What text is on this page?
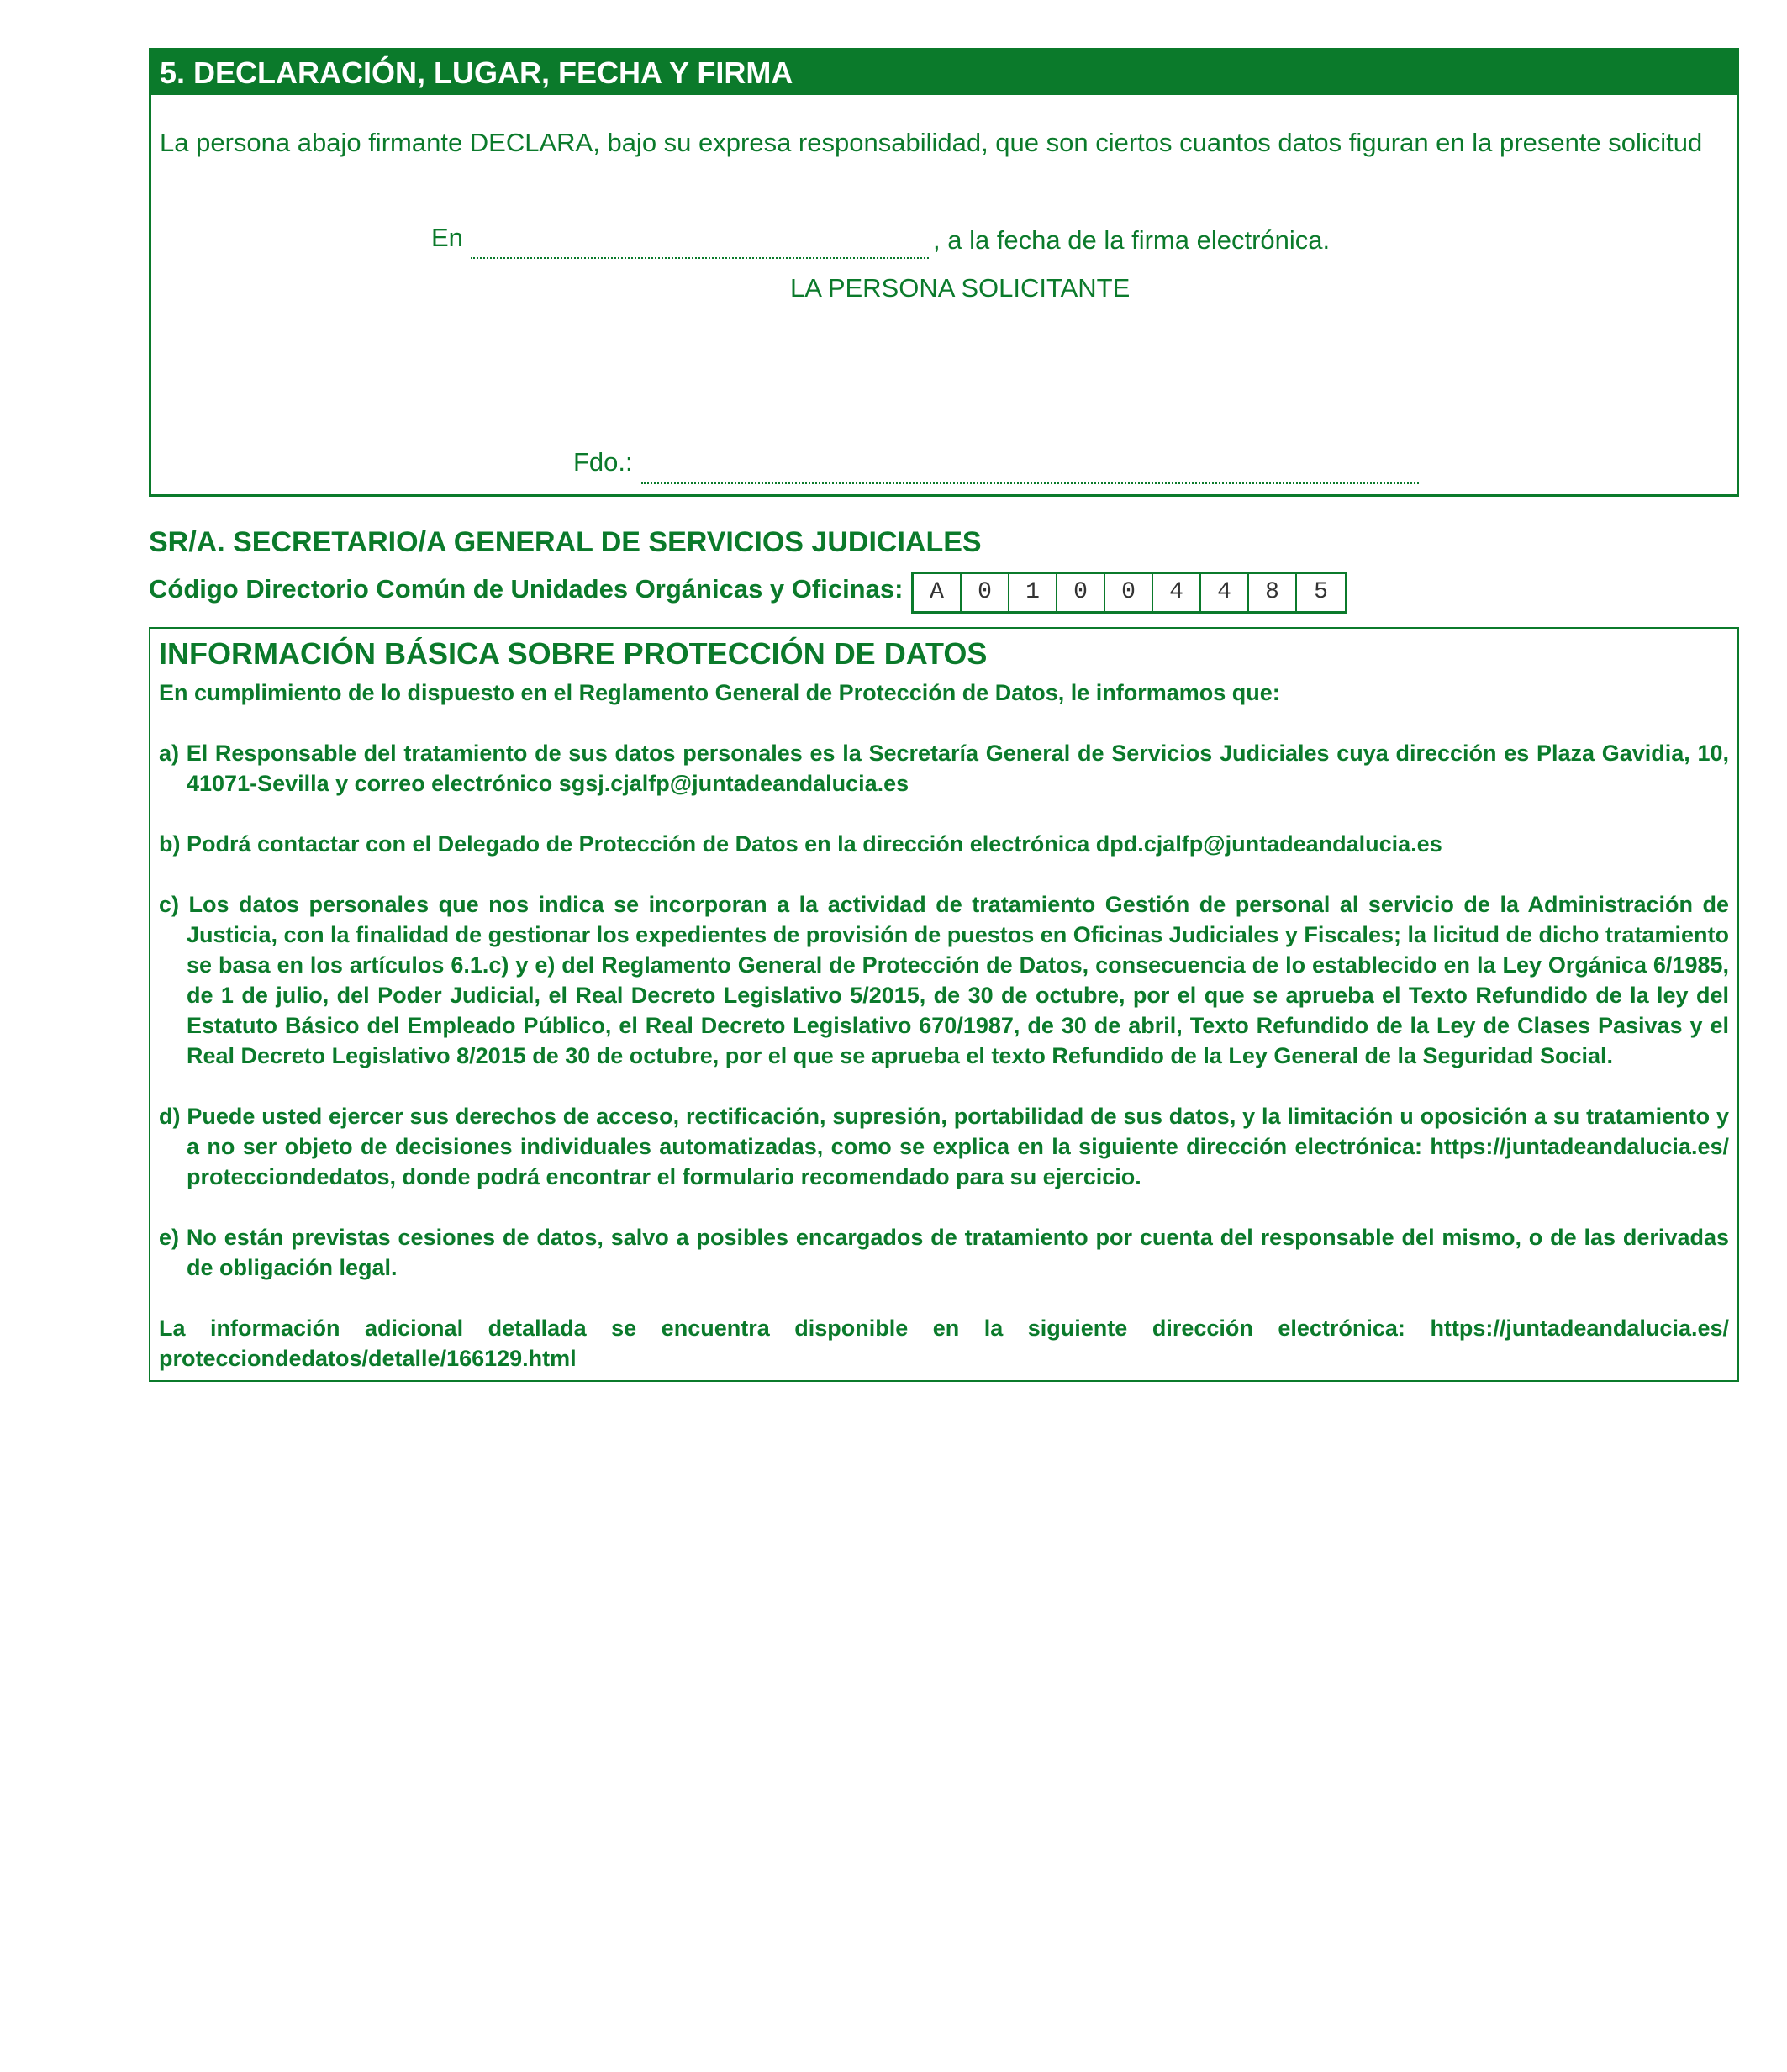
5. DECLARACIÓN, LUGAR, FECHA Y FIRMA
La persona abajo firmante DECLARA, bajo su expresa responsabilidad, que son ciertos cuantos datos figuran en la presente solicitud
En	, a la fecha de la firma electrónica.
LA PERSONA SOLICITANTE
Fdo.:
SR/A. SECRETARIO/A GENERAL DE SERVICIOS JUDICIALES
Código Directorio Común de Unidades Orgánicas y Oficinas:	A	0	1	0	0	4	4	8	5

INFORMACIÓN BÁSICA SOBRE PROTECCIÓN DE DATOS

En cumplimiento de lo dispuesto en el Reglamento General de Protección de Datos, le informamos que:

a) El Responsable del tratamiento de sus datos personales es la Secretaría General de Servicios Judiciales cuya dirección es Plaza Gavidia, 10, 41071-Sevilla y correo electrónico sgsj.cjalfp@juntadeandalucia.es

b) Podrá contactar con el Delegado de Protección de Datos en la dirección electrónica dpd.cjalfp@juntadeandalucia.es

c) Los datos personales que nos indica se incorporan a la actividad de tratamiento Gestión de personal al servicio de la Administración de Justicia, con la finalidad de gestionar los expedientes de provisión de puestos en Oficinas Judiciales y Fiscales; la licitud de dicho tratamiento se basa en los artículos 6.1.c) y e) del Reglamento General de Protección de Datos, consecuencia de lo establecido en la Ley Orgánica 6/1985, de 1 de julio, del Poder Judicial, el Real Decreto Legislativo 5/2015, de 30 de octubre, por el que se aprueba el Texto Refundido de la ley del Estatuto Básico del Empleado Público, el Real Decreto Legislativo 670/1987, de 30 de abril, Texto Refundido de la Ley de Clases Pasivas y el Real Decreto Legislativo 8/2015 de 30 de octubre, por el que se aprueba el texto Refundido de la Ley General de la Seguridad Social.

d) Puede usted ejercer sus derechos de acceso, rectificación, supresión, portabilidad de sus datos, y la limitación u oposición a su tratamiento y a no ser objeto de decisiones individuales automatizadas, como se explica en la siguiente dirección electrónica: https://juntadeandalucia.es/ protecciondedatos, donde podrá encontrar el formulario recomendado para su ejercicio.

e) No están previstas cesiones de datos, salvo a posibles encargados de tratamiento por cuenta del responsable del mismo, o de las derivadas de obligación legal.

La información adicional detallada se encuentra disponible en la siguiente dirección electrónica: https://juntadeandalucia.es/ protecciondedatos/detalle/166129.html
